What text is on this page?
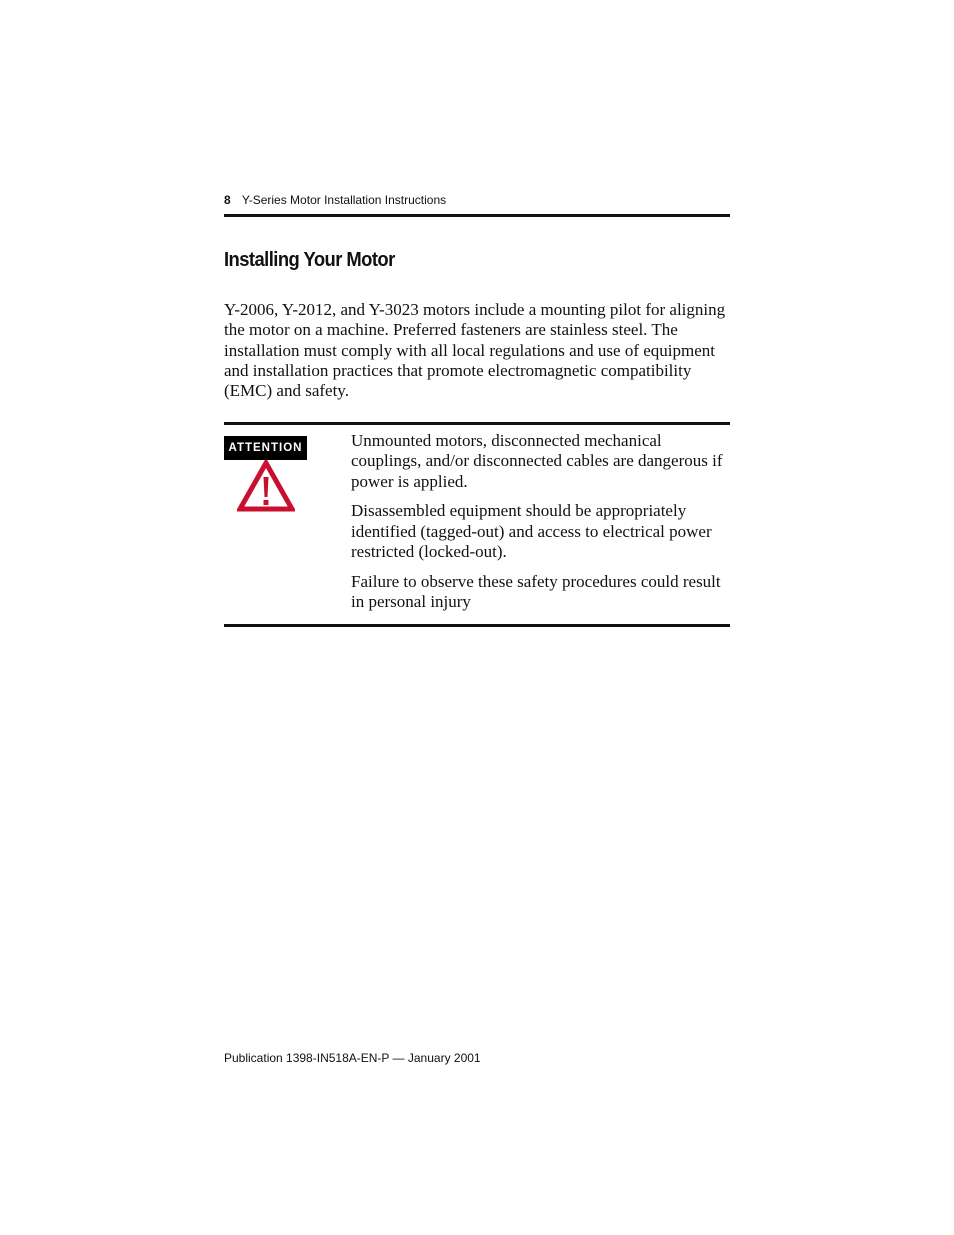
8 Y-Series Motor Installation Instructions
Installing Your Motor

Y-2006, Y-2012, and Y-3023 motors include a mounting pilot for aligning the motor on a machine. Preferred fasteners are stainless steel. The installation must comply with all local regulations and use of equipment and installation practices that promote electromagnetic compatibility (EMC) and safety.

ATTENTION	Unmounted motors, disconnected mechanical couplings, and/or disconnected cables are dangerous if power is applied.

Disassembled equipment should be appropriately identified (tagged-out) and access to electrical power restricted (locked-out).

Failure to observe these safety procedures could result in personal injury

Publication 1398-IN518A-EN-P — January 2001
